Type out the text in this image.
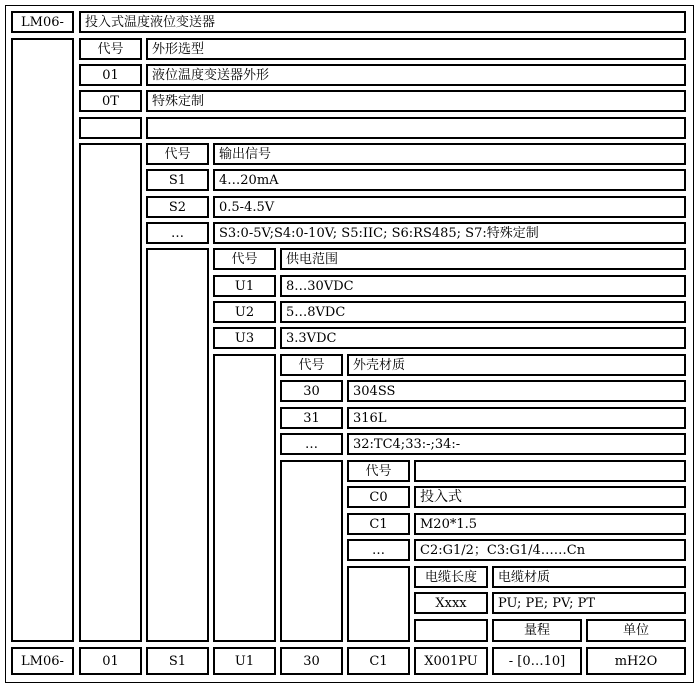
LM06-	投入式温度液位变送器
代号	外形选型
01	液位温度变送器外形
0T	特殊定制
代号	输出信号
S1	4…20mA
S2	0.5-4.5V
…	S3:0-5V;S4:0-10V; S5:IIC; S6:RS485; S7:特殊定制
代号	供电范围
U1	8…30VDC
U2	5…8VDC
U3	3.3VDC
代号	外壳材质
30	304SS
31	316L
…	32:TC4;33:-;34:-
代号
C0	投入式
C1	M20*1.5
…	C2:G1/2；C3:G1/4……Cn
电缆长度	电缆材质
Xxxx	PU; PE; PV; PT
量程	单位
LM06-	01	S1	U1	30	C1	X001PU	- [0…10]	mH2O
